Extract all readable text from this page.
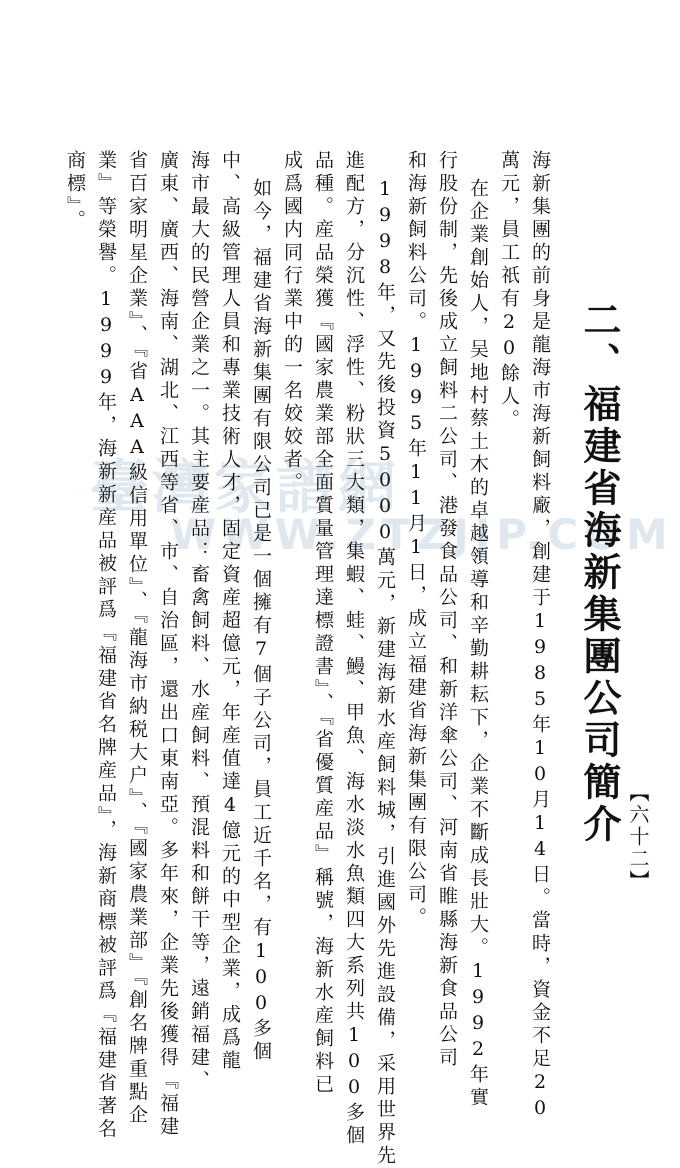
臺灣家譜網
WWW.ZTZJJP.COM
二、福建省海新集團公司簡介
海新集團的前身是龍海市海新飼料廠，創建于1985年10月14日。當時，資金不足20
萬元，員工祇有20餘人。
在企業創始人，吴地村蔡土木的卓越領導和辛勤耕耘下，企業不斷成長壯大。1992年實
行股份制，先後成立飼料二公司、港發食品公司、和新洋傘公司、河南省睢縣海新食品公司
和海新飼料公司。1995年11月1日，成立福建省海新集團有限公司。
1998年，又先後投資5000萬元，新建海新水産飼料城，引進國外先進設備，采用世界先
進配方，分沉性、浮性、粉狀三大類，集蝦、蛙、鰻、甲魚、海水淡水魚類四大系列共100多個
品種。産品榮獲『國家農業部全面質量管理達標證書』、『省優質産品』稱號，海新水産飼料已
成爲國内同行業中的一名姣姣者。
如今，福建省海新集團有限公司已是一個擁有7個子公司，員工近千名，有100多個
中、高級管理人員和專業技術人才，固定資産超億元，年産值達4億元的中型企業，成爲龍
海市最大的民營企業之一。其主要産品：畜禽飼料、水産飼料、預混料和餅干等，遠銷福建、
廣東、廣西、海南、湖北、江西等省、市、自治區，還出口東南亞。多年來，企業先後獲得『福建
省百家明星企業』、『省AAA級信用單位』、『龍海市納税大户』、『國家農業部』『創名牌重點企
業』等榮譽。1999年，海新新産品被評爲『福建省名牌産品』，海新商標被評爲『福建省著名
商標』。
【六十二】
